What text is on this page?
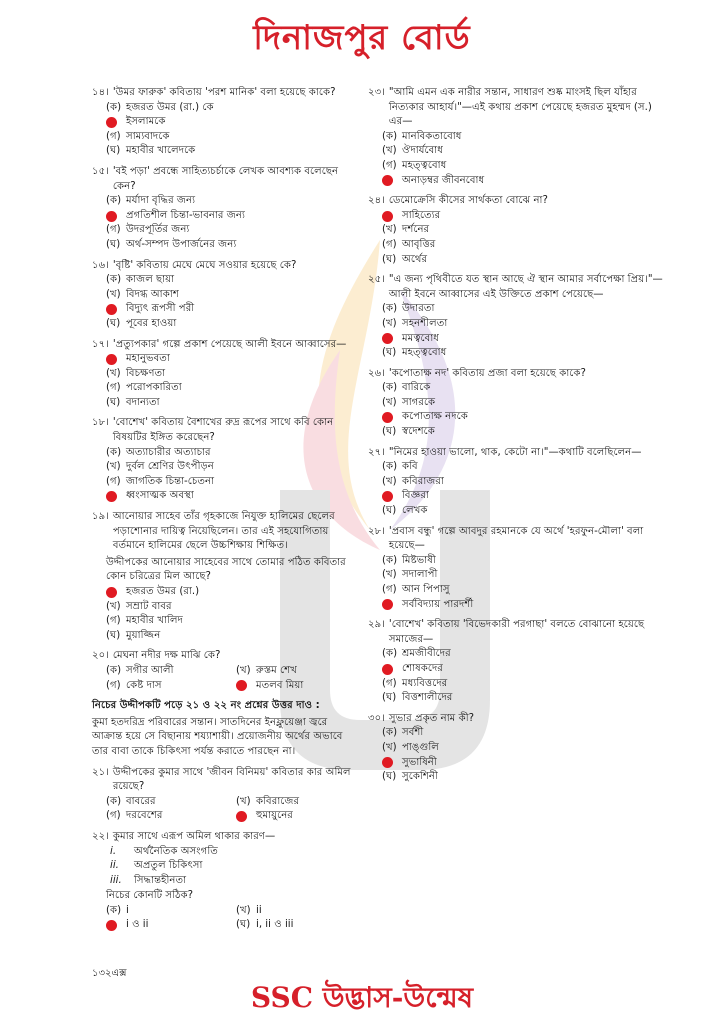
দিনাজপুর বোর্ড
১৪। 'উমর ফারুক' কবিতায় 'পরশ মানিক' বলা হয়েছে কাকে?
(ক) হজরত উমর (রা.) কে
ইসলামকে
(গ) সাম্যবাদকে
(ঘ) মহাবীর খালেদকে
১৫। 'বই পড়া' প্রবন্ধে সাহিত্যচর্চাকে লেখক আবশ্যক বলেছেন কেন?
(ক) মর্যাদা বৃদ্ধির জন্য
প্রগতিশীল চিন্তা-ভাবনার জন্য
(গ) উদরপূর্তির জন্য
(ঘ) অর্থ-সম্পদ উপার্জনের জন্য
১৬। 'বৃষ্টি' কবিতায় মেঘে মেঘে সওয়ার হয়েছে কে?
(ক) কাজল ছায়া
(খ) বিদগ্ধ আকাশ
বিদ্যুৎ রূপসী পরী
(ঘ) পূবের হাওয়া
১৭। 'প্রত্যুপকার' গল্পে প্রকাশ পেয়েছে আলী ইবনে আব্বাসের—
মহানুভবতা
(খ) বিচক্ষণতা
(গ) পরোপকারিতা
(ঘ) বদান্যতা
১৮। 'বোশেখ' কবিতায় বৈশাখের রুদ্র রূপের সাথে কবি কোন বিষয়টির ইঙ্গিত করেছেন?
(ক) অত্যাচারীর অত্যাচার
(খ) দুর্বল শ্রেণির উৎপীড়ন
(গ) জাগতিক চিন্তা-চেতনা
ধ্বংসাত্মক অবস্থা
১৯। আনোয়ার সাহেব তাঁর গৃহকাজে নিযুক্ত হালিমের ছেলের পড়াশোনার দায়িত্ব নিয়েছিলেন। তার এই সহযোগিতায় বর্তমানে হালিমের ছেলে উচ্চশিক্ষায় শিক্ষিত।
উদ্দীপকের আনোয়ার সাহেবের সাথে তোমার পঠিত কবিতার কোন চরিত্রের মিল আছে?
হজরত উমর (রা.)
(খ) সম্রাট বাবর
(গ) মহাবীর খালিদ
(ঘ) মুয়াজ্জিন
২০। মেঘনা নদীর দক্ষ মাঝি কে?
(ক) সগীর আলী	(খ) রুস্তম শেখ
(গ) কেষ্ট দাস	মতলব মিয়া
নিচের উদ্দীপকটি পড়ে ২১ ও ২২ নং প্রশ্নের উত্তর দাও :
কুমা হতদরিদ্র পরিবারের সন্তান। সাতদিনের ইনফ্লুয়েঞ্জা জ্বরে আক্রান্ত হয়ে সে বিছানায় শয্যাশায়ী। প্রয়োজনীয় অর্থের অভাবে তার বাবা তাকে চিকিৎসা পর্যন্ত করাতে পারছেন না।
২১। উদ্দীপকের কুমার সাথে 'জীবন বিনিময়' কবিতার কার অমিল রয়েছে?
(ক) বাবরের	(খ) কবিরাজের
(গ) দরবেশের	হুমায়ুনের
২২। কুমার সাথে এরূপ অমিল থাকার কারণ—
i.	অর্থনৈতিক অসংগতি
ii.	অপ্রতুল চিকিৎসা
iii.	সিদ্ধান্তহীনতা
নিচের কোনটি সঠিক?
(ক) i	(খ) ii
i ও ii	(ঘ) i, ii ও iii
২৩। "আমি এমন এক নারীর সন্তান, সাধারণ শুষ্ক মাংসই ছিল যাঁহার নিত্যকার আহার্য।"—এই কথায় প্রকাশ পেয়েছে হজরত মুহম্মদ (স.) এর—
(ক) মানবিকতাবোধ
(খ) ঔদার্যবোধ
(গ) মহত্ত্ববোধ
অনাড়ম্বর জীবনবোধ
২৪। ডেমোক্রেসি কীসের সার্থকতা বোঝে না?
সাহিত্যের
(খ) দর্শনের
(গ) আবৃত্তির
(ঘ) অর্থের
২৫। "এ জন্য পৃথিবীতে যত স্থান আছে ঐ স্থান আমার সর্বাপেক্ষা প্রিয়।"—আলী ইবনে আব্বাসের এই উক্তিতে প্রকাশ পেয়েছে—
(ক) উদারতা
(খ) সহনশীলতা
মমত্ববোধ
(ঘ) মহত্ত্ববোধ
২৬। 'কপোতাক্ষ নদ' কবিতায় প্রজা বলা হয়েছে কাকে?
(ক) বারিকে
(খ) সাগরকে
কপোতাক্ষ নদকে
(ঘ) স্বদেশকে
২৭। "নিমের হাওয়া ভালো, থাক, কেটো না।"—কথাটি বলেছিলেন—
(ক) কবি
(খ) কবিরাজরা
বিজ্ঞরা
(ঘ) লেখক
২৮। 'প্রবাস বন্ধু' গল্পে আবদুর রহমানকে যে অর্থে 'হরফুন-মৌলা' বলা হয়েছে—
(ক) মিষ্টভাষী
(খ) সদালাপী
(গ) আন পিপাসু
সর্ববিদ্যায় পারদর্শী
২৯। 'বোশেখ' কবিতায় 'বিভেদকারী পরগাছা' বলতে বোঝানো হয়েছে সমাজের—
(ক) শ্রমজীবীদের
শোষকদের
(গ) মধ্যবিত্তদের
(ঘ) বিত্তশালীদের
৩০। সুভার প্রকৃত নাম কী?
(ক) সর্বশী
(খ) পাঙ্গুলি
সুভাষিনী
(ঘ) সুকেশিনী
১৩২এক্স
SSC উদ্ভাস-উন্মেষ
